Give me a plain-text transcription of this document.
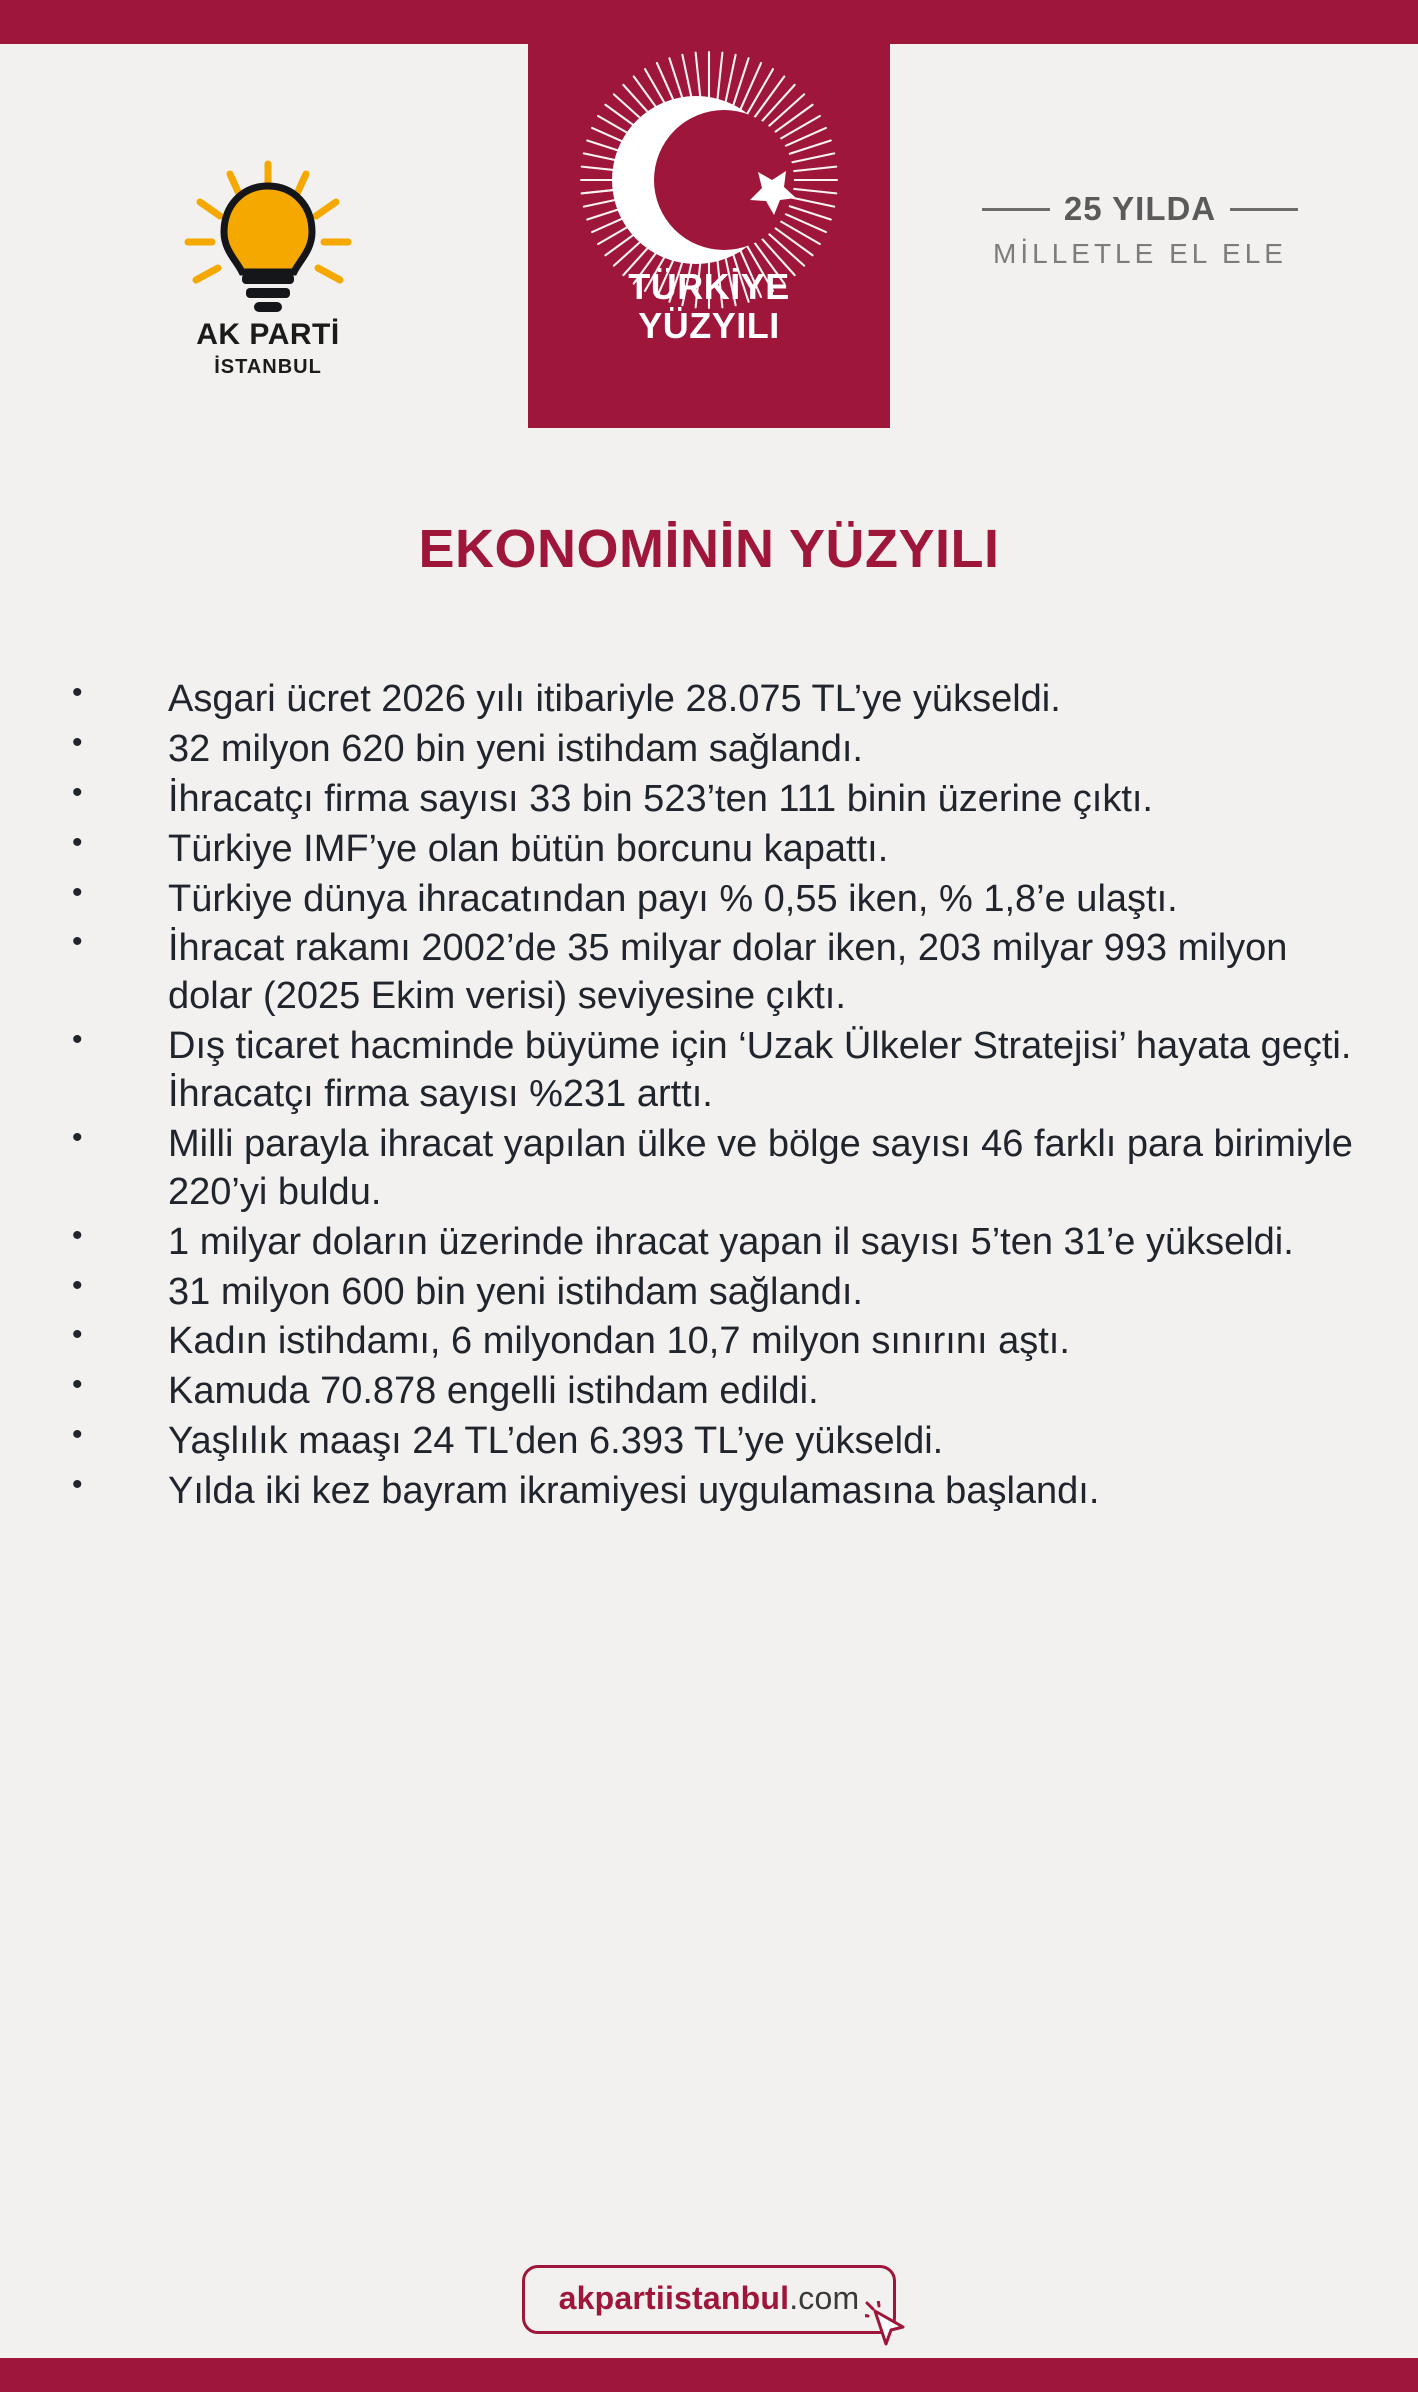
AK PARTİ
İSTANBUL
TÜRKİYE
YÜZYILI
25 YILDA
MİLLETLE EL ELE
EKONOMİNİN YÜZYILI
• Asgari ücret 2026 yılı itibariyle 28.075 TL’ye yükseldi.
• 32 milyon 620 bin yeni istihdam sağlandı.
• İhracatçı firma sayısı 33 bin 523’ten 111 binin üzerine çıktı.
• Türkiye IMF’ye olan bütün borcunu kapattı.
• Türkiye dünya ihracatından payı % 0,55 iken, % 1,8’e ulaştı.
• İhracat rakamı 2002’de 35 milyar dolar iken, 203 milyar 993 milyon dolar (2025 Ekim verisi) seviyesine çıktı.
• Dış ticaret hacminde büyüme için ‘Uzak Ülkeler Stratejisi’ hayata geçti. İhracatçı firma sayısı %231 arttı.
• Milli parayla ihracat yapılan ülke ve bölge sayısı 46 farklı para birimiyle 220’yi buldu.
• 1 milyar doların üzerinde ihracat yapan il sayısı 5’ten 31’e yükseldi.
• 31 milyon 600 bin yeni istihdam sağlandı.
• Kadın istihdamı, 6 milyondan 10,7 milyon sınırını aştı.
• Kamuda 70.878 engelli istihdam edildi.
• Yaşlılık maaşı 24 TL’den 6.393 TL’ye yükseldi.
• Yılda iki kez bayram ikramiyesi uygulamasına başlandı.
akpartiistanbul.com
